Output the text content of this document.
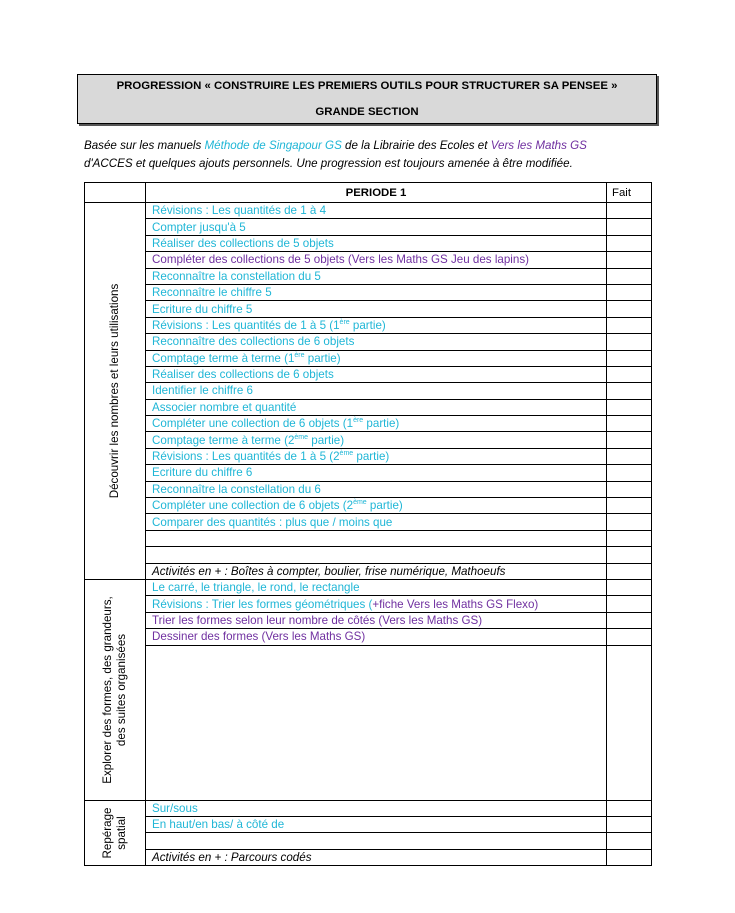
PROGRESSION « CONSTRUIRE LES PREMIERS OUTILS POUR STRUCTURER SA PENSEE »
GRANDE SECTION
Basée sur les manuels Méthode de Singapour GS de la Librairie des Ecoles et Vers les Maths GS
d'ACCES et quelques ajouts personnels. Une progression est toujours amenée à être modifiée.
	PERIODE 1	Fait

Découvrir les nombres et leurs utilisations	Révisions : Les quantités de 1 à 4	
	Compter jusqu'à 5	
	Réaliser des collections de 5 objets	
	Compléter des collections de 5 objets (Vers les Maths GS Jeu des lapins)	
	Reconnaître la constellation du 5	
	Reconnaître le chiffre 5	
	Ecriture du chiffre 5	
	Révisions : Les quantités de 1 à 5 (1ère partie)	
	Reconnaître des collections de 6 objets	
	Comptage terme à terme (1ère partie)	
	Réaliser des collections de 6 objets	
	Identifier le chiffre 6	
	Associer nombre et quantité	
	Compléter une collection de 6 objets (1ère partie)	
	Comptage terme à terme (2ème partie)	
	Révisions : Les quantités de 1 à 5 (2ème partie)	
	Ecriture du chiffre 6	
	Reconnaître la constellation du 6	
	Compléter une collection de 6 objets (2ème partie)	
	Comparer des quantités : plus que / moins que	

	Activités en + : Boîtes à compter, boulier, frise numérique, Mathoeufs	

Explorer des formes, des grandeurs,
des suites organisées	Le carré, le triangle, le rond, le rectangle	
	Révisions : Trier les formes géométriques (+fiche Vers les Maths GS Flexo)	
	Trier les formes selon leur nombre de côtés (Vers les Maths GS)	
	Dessiner des formes (Vers les Maths GS)	

Repérage
spatial	Sur/sous	
	En haut/en bas/ à côté de	

	Activités en + : Parcours codés	
